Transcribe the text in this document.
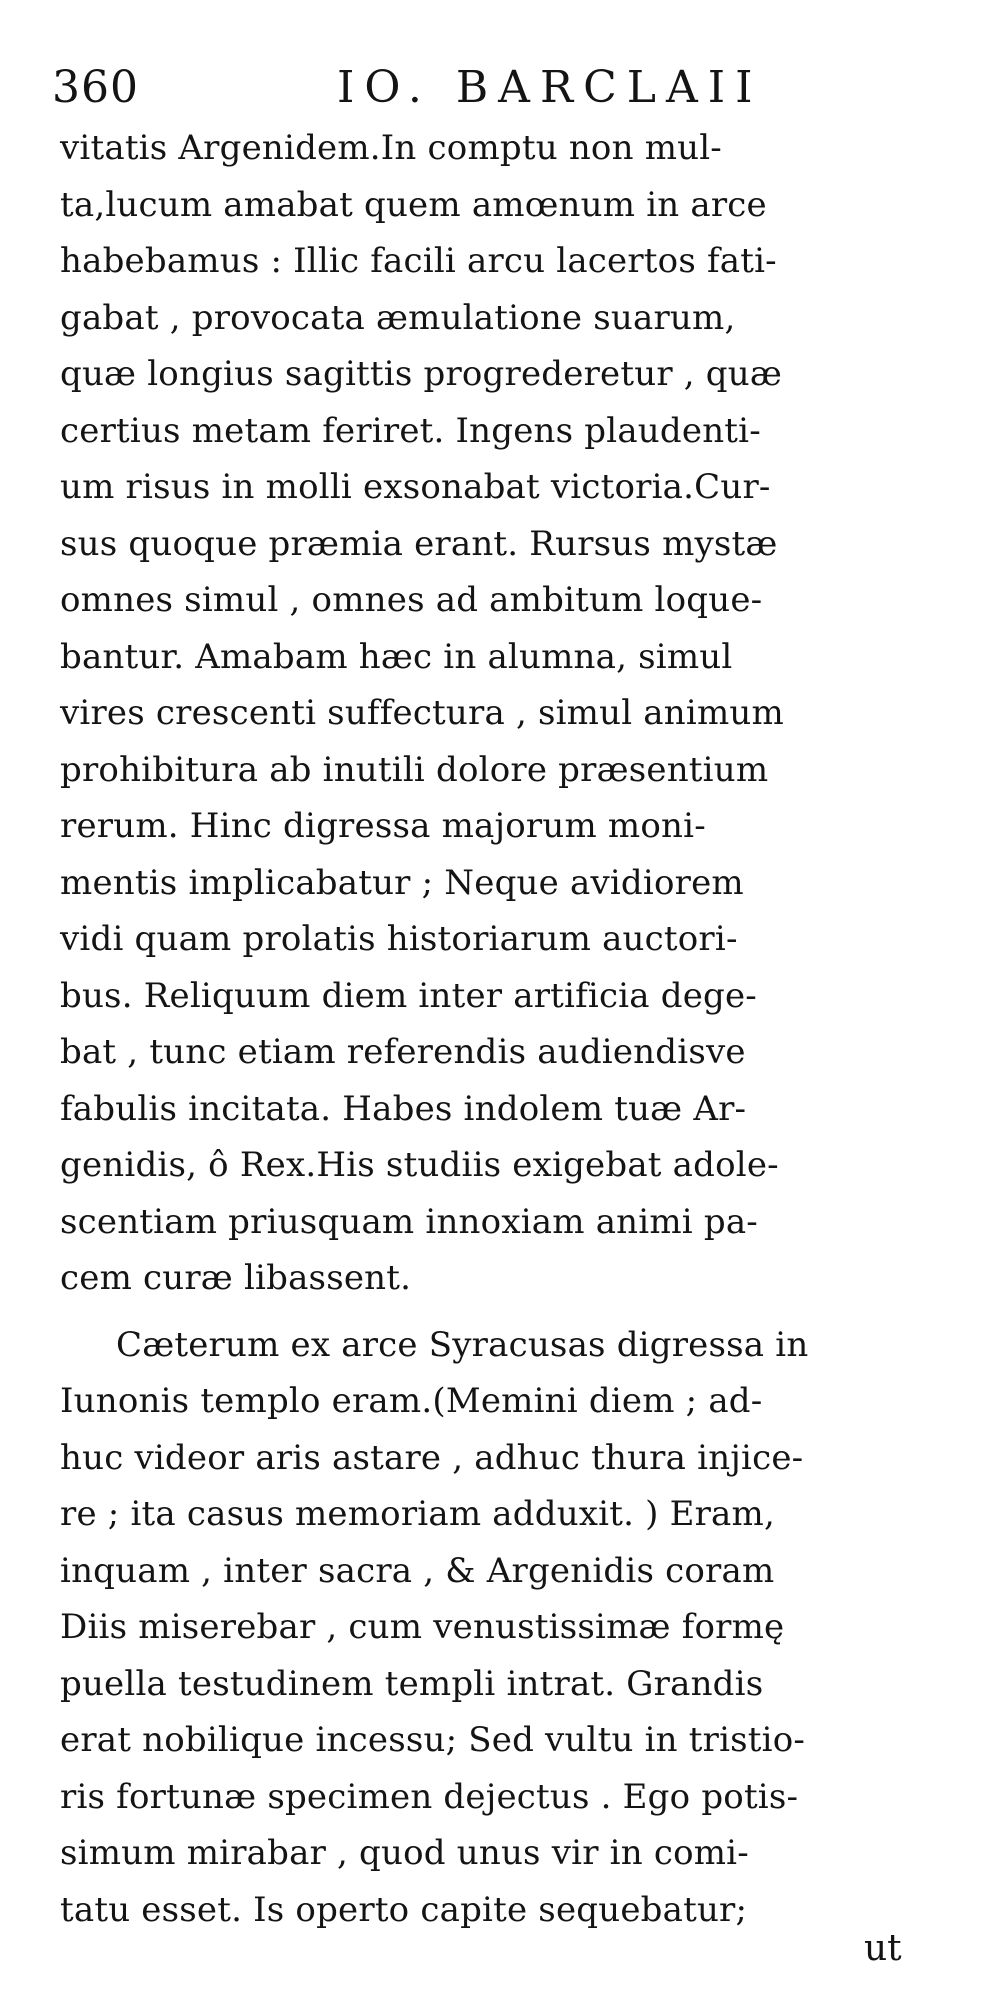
360	IO. BARCLAII
vitatis Argenidem.In comptu non mul-
ta,lucum amabat quem amœnum in arce
habebamus : Illic facili arcu lacertos fati-
gabat , provocata æmulatione suarum,
quæ longius sagittis progrederetur , quæ
certius metam feriret. Ingens plaudenti-
um risus in molli exsonabat victoria.Cur-
sus quoque præmia erant. Rursus mystæ
omnes simul , omnes ad ambitum loque-
bantur. Amabam hæc in alumna, simul
vires crescenti suffectura , simul animum
prohibitura ab inutili dolore præsentium
rerum. Hinc digressa majorum moni-
mentis implicabatur ; Neque avidiorem
vidi quam prolatis historiarum auctori-
bus. Reliquum diem inter artificia dege-
bat , tunc etiam referendis audiendisve
fabulis incitata. Habes indolem tuæ Ar-
genidis, ô Rex.His studiis exigebat adole-
scentiam priusquam innoxiam animi pa-
cem curæ libassent.
Cæterum ex arce Syracusas digressa in
Iunonis templo eram.(Memini diem ; ad-
huc videor aris astare , adhuc thura injice-
re ; ita casus memoriam adduxit. ) Eram,
inquam , inter sacra , & Argenidis coram
Diis miserebar , cum venustissimæ formę
puella testudinem templi intrat. Grandis
erat nobilique incessu; Sed vultu in tristio-
ris fortunæ specimen dejectus . Ego potis-
simum mirabar , quod unus vir in comi-
tatu esset. Is operto capite sequebatur;
ut
